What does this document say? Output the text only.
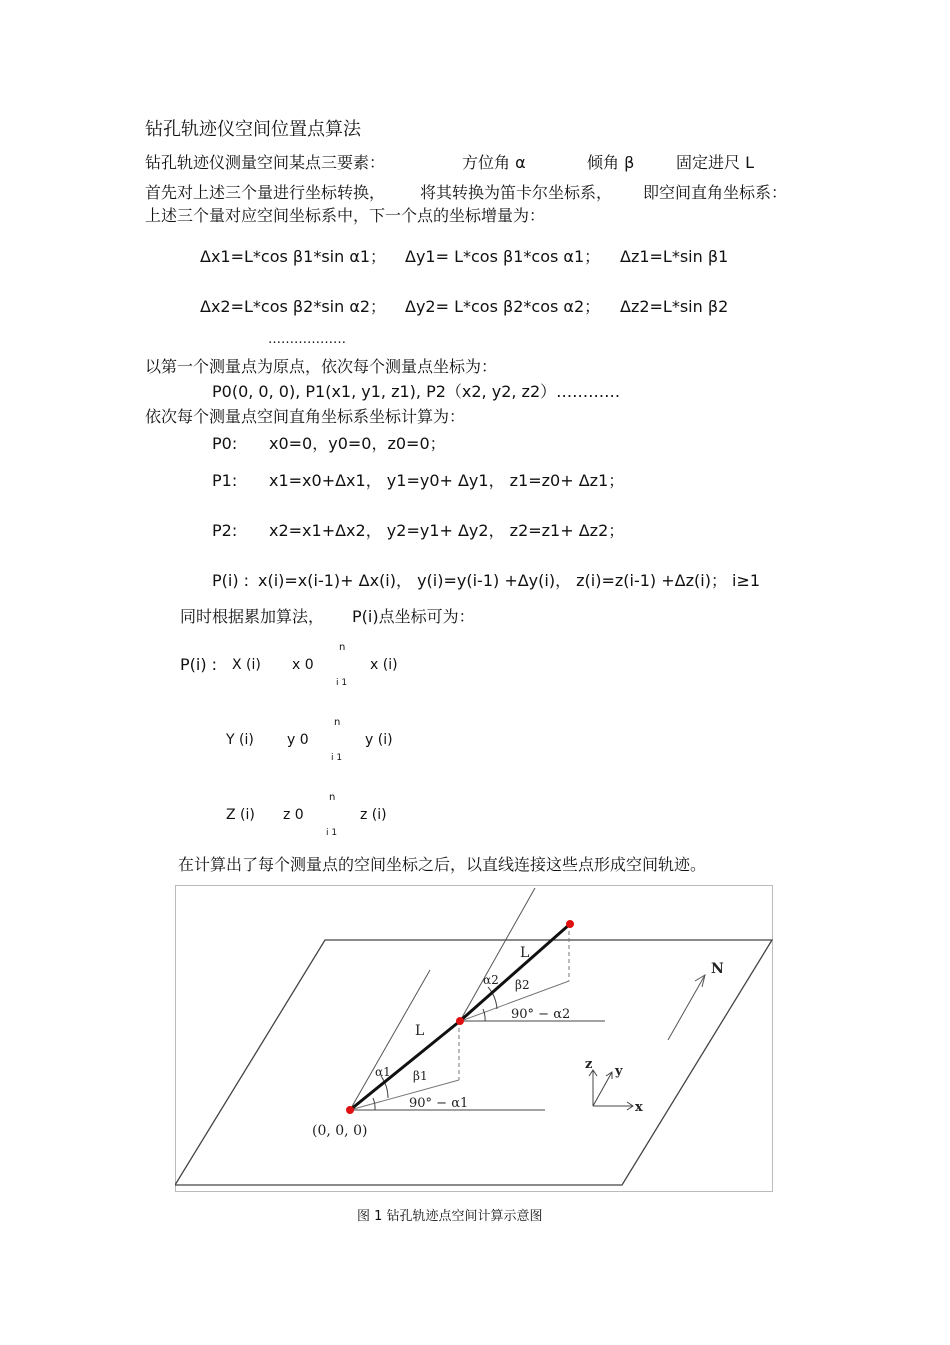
钻孔轨迹仪空间位置点算法
钻孔轨迹仪测量空间某点三要素：	方位角 α	倾角 β	固定进尺 L
首先对上述三个量进行坐标转换， 将其转换为笛卡尔坐标系， 即空间直角坐标系：
上述三个量对应空间坐标系中，下一个点的坐标增量为：
Δx1=L*cos β1*sin α1； Δy1= L*cos β1*cos α1； Δz1=L*sin β1
Δx2=L*cos β2*sin α2； Δy2= L*cos β2*cos α2； Δz2=L*sin β2
………………
以第一个测量点为原点，依次每个测量点坐标为：
P0(0, 0, 0), P1(x1, y1, z1), P2（x2, y2, z2）…………
依次每个测量点空间直角坐标系坐标计算为：
P0: x0=0，y0=0，z0=0；
P1: x1=x0+Δx1， y1=y0+ Δy1， z1=z0+ Δz1；
P2: x2=x1+Δx2， y2=y1+ Δy2， z2=z1+ Δz2；
P(i) : x(i)=x(i-1)+ Δx(i)， y(i)=y(i-1) +Δy(i)， z(i)=z(i-1) +Δz(i)； i≥1
同时根据累加算法， P(i)点坐标可为：
P(i) : X (i) x 0
n
i 1
x (i)
Y (i) y 0
n
i 1
y (i)
Z (i) z 0
n
i 1
z (i)
在计算出了每个测量点的空间坐标之后，以直线连接这些点形成空间轨迹。
(0, 0, 0)
L
L
α1 β1
α2 β2
90° − α1
90° − α2
N
z y
x
图 1 钻孔轨迹点空间计算示意图
